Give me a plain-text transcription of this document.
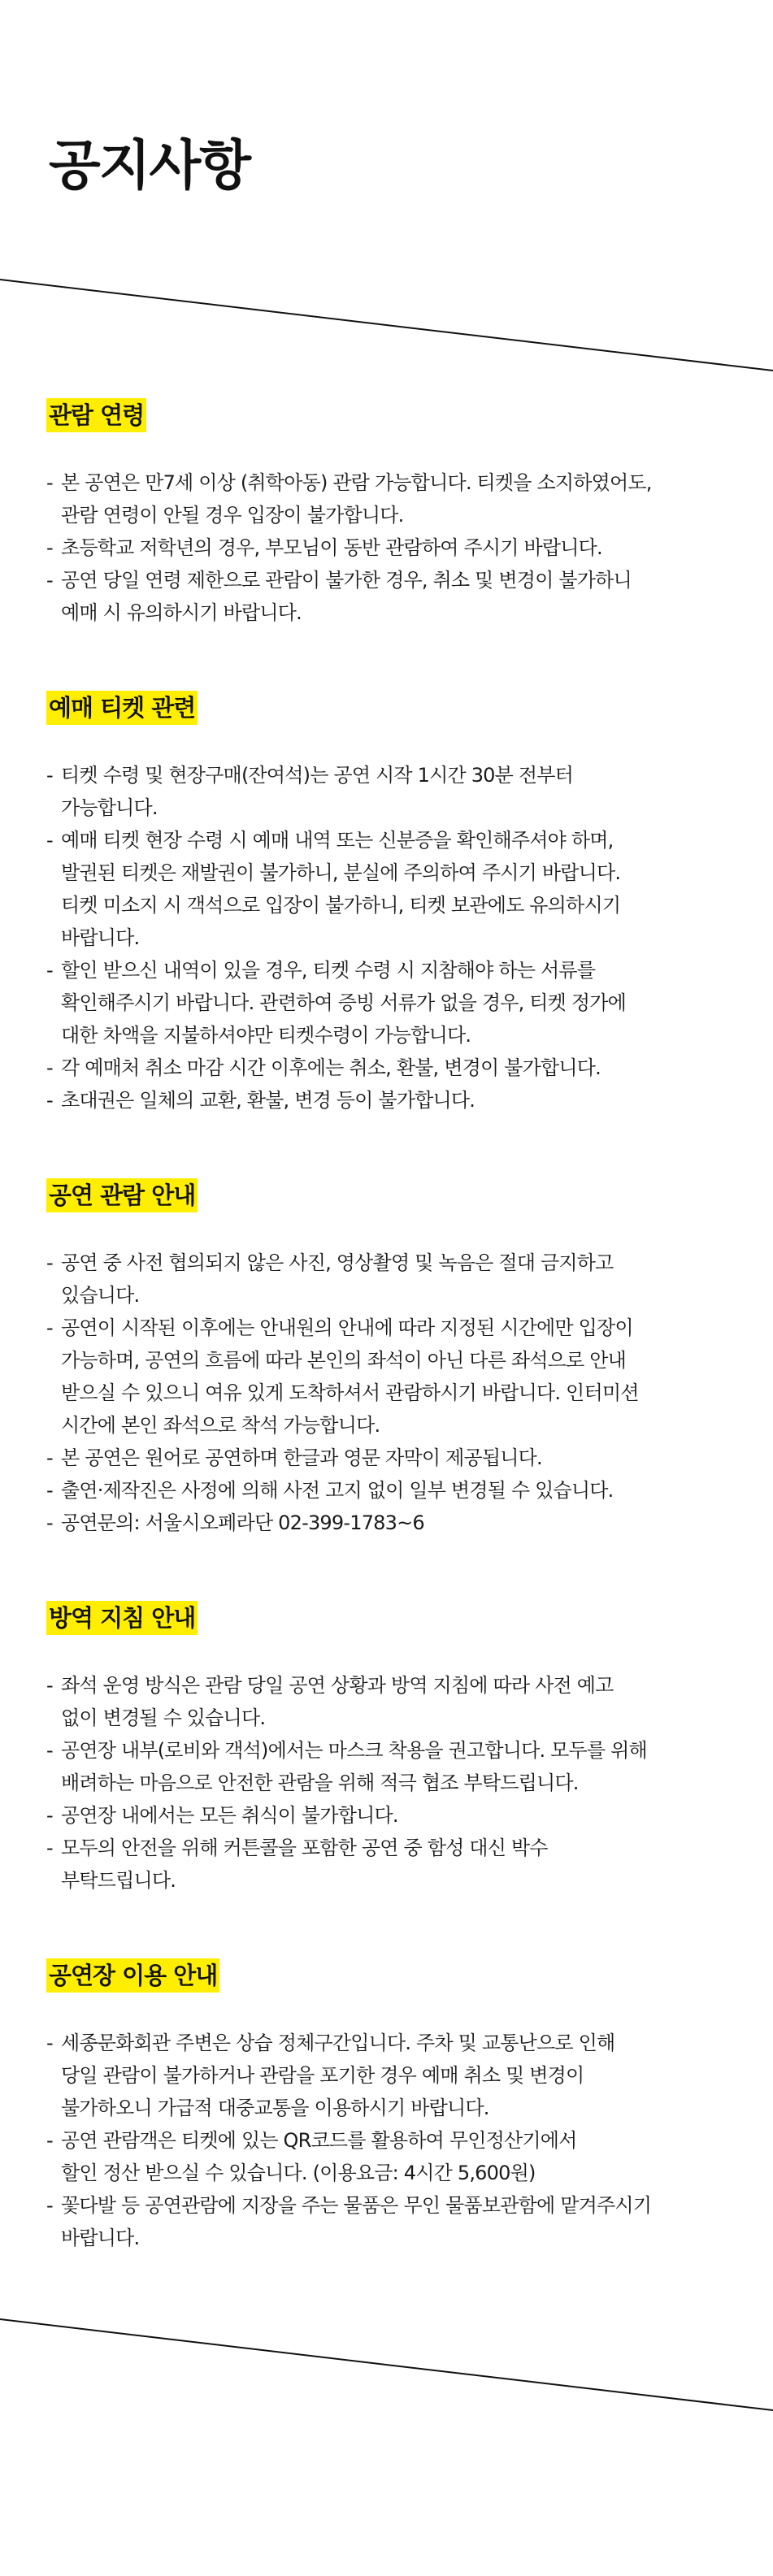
공지사항
관람 연령
- 본 공연은 만7세 이상 (취학아동) 관람 가능합니다. 티켓을 소지하였어도,
관람 연령이 안될 경우 입장이 불가합니다.
- 초등학교 저학년의 경우, 부모님이 동반 관람하여 주시기 바랍니다.
- 공연 당일 연령 제한으로 관람이 불가한 경우, 취소 및 변경이 불가하니
예매 시 유의하시기 바랍니다.
예매 티켓 관련
- 티켓 수령 및 현장구매(잔여석)는 공연 시작 1시간 30분 전부터
가능합니다.
- 예매 티켓 현장 수령 시 예매 내역 또는 신분증을 확인해주셔야 하며,
발권된 티켓은 재발권이 불가하니, 분실에 주의하여 주시기 바랍니다.
티켓 미소지 시 객석으로 입장이 불가하니, 티켓 보관에도 유의하시기
바랍니다.
- 할인 받으신 내역이 있을 경우, 티켓 수령 시 지참해야 하는 서류를
확인해주시기 바랍니다. 관련하여 증빙 서류가 없을 경우, 티켓 정가에
대한 차액을 지불하셔야만 티켓수령이 가능합니다.
- 각 예매처 취소 마감 시간 이후에는 취소, 환불, 변경이 불가합니다.
- 초대권은 일체의 교환, 환불, 변경 등이 불가합니다.
공연 관람 안내
- 공연 중 사전 협의되지 않은 사진, 영상촬영 및 녹음은 절대 금지하고
있습니다.
- 공연이 시작된 이후에는 안내원의 안내에 따라 지정된 시간에만 입장이
가능하며, 공연의 흐름에 따라 본인의 좌석이 아닌 다른 좌석으로 안내
받으실 수 있으니 여유 있게 도착하셔서 관람하시기 바랍니다. 인터미션
시간에 본인 좌석으로 착석 가능합니다.
- 본 공연은 원어로 공연하며 한글과 영문 자막이 제공됩니다.
- 출연·제작진은 사정에 의해 사전 고지 없이 일부 변경될 수 있습니다.
- 공연문의: 서울시오페라단 02-399-1783~6
방역 지침 안내
- 좌석 운영 방식은 관람 당일 공연 상황과 방역 지침에 따라 사전 예고
없이 변경될 수 있습니다.
- 공연장 내부(로비와 객석)에서는 마스크 착용을 권고합니다. 모두를 위해
배려하는 마음으로 안전한 관람을 위해 적극 협조 부탁드립니다.
- 공연장 내에서는 모든 취식이 불가합니다.
- 모두의 안전을 위해 커튼콜을 포함한 공연 중 함성 대신 박수
부탁드립니다.
공연장 이용 안내
- 세종문화회관 주변은 상습 정체구간입니다. 주차 및 교통난으로 인해
당일 관람이 불가하거나 관람을 포기한 경우 예매 취소 및 변경이
불가하오니 가급적 대중교통을 이용하시기 바랍니다.
- 공연 관람객은 티켓에 있는 QR코드를 활용하여 무인정산기에서
할인 정산 받으실 수 있습니다. (이용요금: 4시간 5,600원)
- 꽃다발 등 공연관람에 지장을 주는 물품은 무인 물품보관함에 맡겨주시기
바랍니다.
